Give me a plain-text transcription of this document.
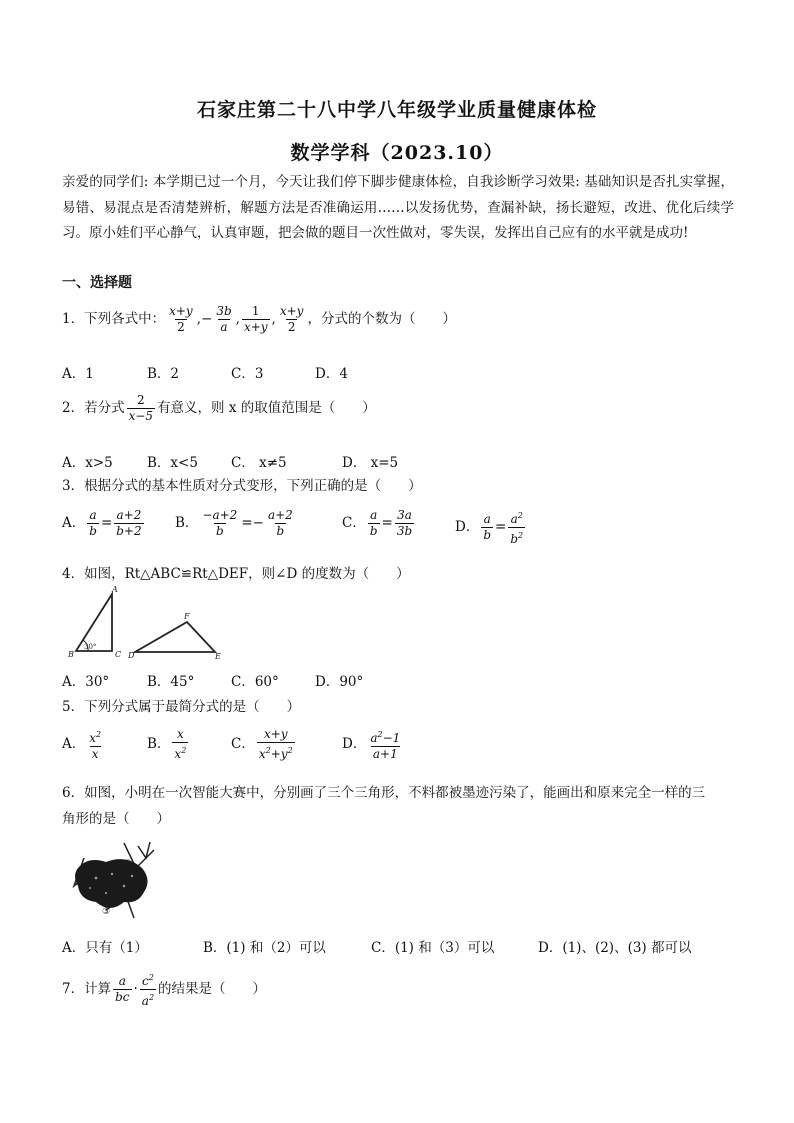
石家庄第二十八中学八年级学业质量健康体检
数学学科（2023.10）
亲爱的同学们: 本学期已过一个月，今天让我们停下脚步健康体检，自我诊断学习效果: 基础知识是否扎实掌握，易错、易混点是否清楚辨析，解题方法是否准确运用……以发扬优势，查漏补缺，扬长避短，改进、优化后续学习。原小娃们平心静气，认真审题，把会做的题目一次性做对，零失误，发挥出自己应有的水平就是成功!
一、选择题
1．下列各式中： $\frac{x+y}{2}$ ,− $\frac{3b}{a}$ , $\frac{1}{x+y}$ , $\frac{x+y}{2}$ ，分式的个数为（　　）
A．1	B．2	C．3	D．4
2．若分式 $\frac{2}{x-5}$ 有意义，则 x 的取值范围是（　　）
A．x>5	B．x<5 C． x≠5	D． x=5
3．根据分式的基本性质对分式变形，下列正确的是（　　）
A． $\frac{a}{b} = \frac{a+2}{b+2}$ B． $\frac{-a+2}{b} =- \frac{a+2}{b}$	C． $\frac{a}{b} = \frac{3a}{3b}$	D． $\frac{a}{b} = \frac{a^2}{b^2}$
4．如图，Rt△ABC≌Rt△DEF，则∠D 的度数为（　　）
A
B	C D
F
E
30°
A．30°	B．45°	C．60°	D．90°
5．下列分式属于最简分式的是（　　）
A． $\frac{x^2}{x}$	B． $\frac{x}{x^2}$	C． $\frac{x+y}{x^2+y^2}$	D． $\frac{a^2-1}{a+1}$
6．如图，小明在一次智能大赛中，分别画了三个三角形，不料都被墨迹污染了，能画出和原来完全一样的三
角形的是（　　）
①	②
③
A．只有（1）	B．(1) 和（2）可以	C．(1) 和（3）可以	D．(1)、(2)、(3) 都可以
7．计算 $\frac{a}{bc} \cdot \frac{c^2}{a^2}$ 的结果是（　　）
